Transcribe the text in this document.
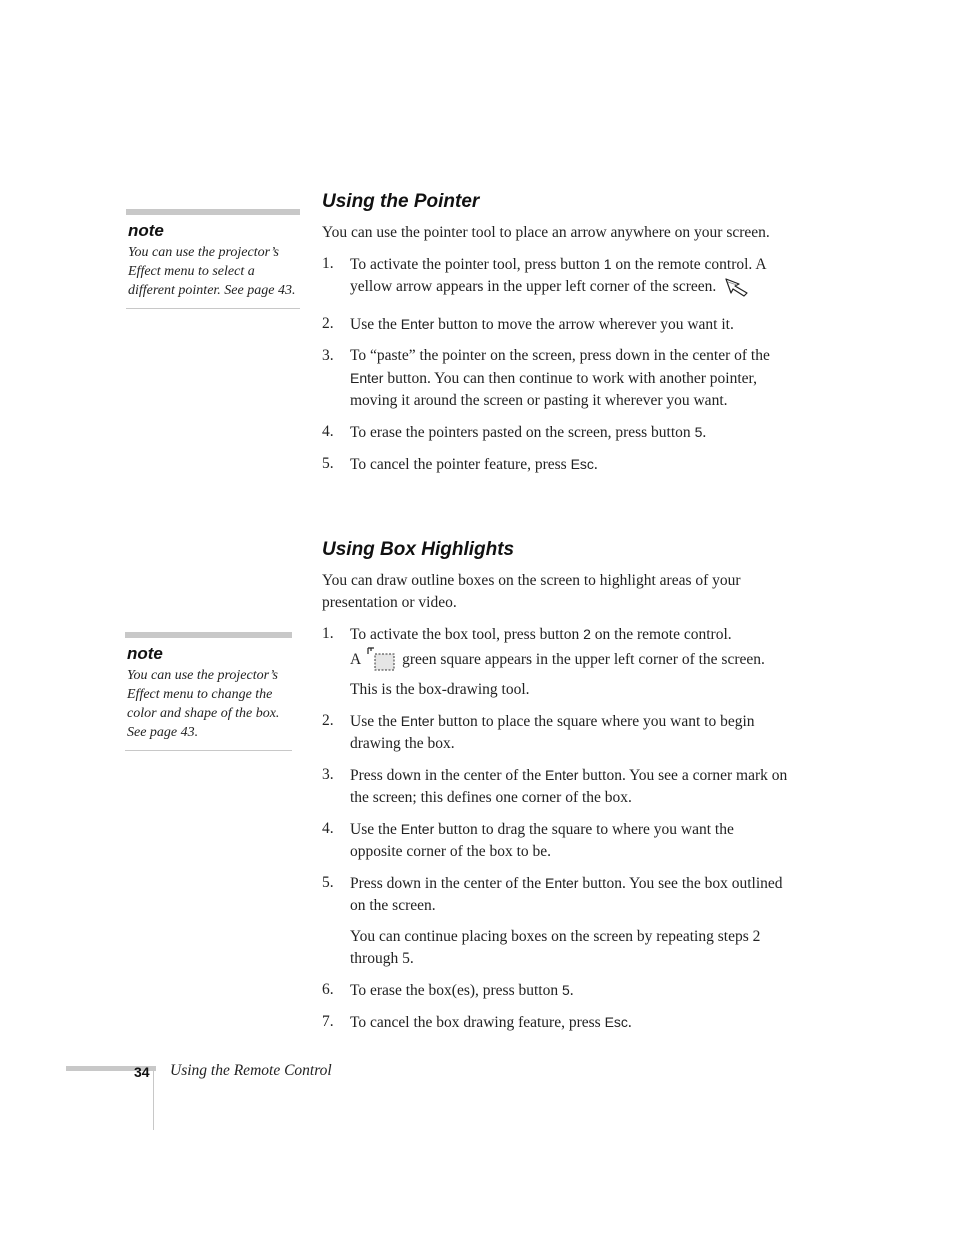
note

You can use the projector’s
Effect menu to select a
different pointer. See page 43.

note

You can use the projector’s
Effect menu to change the
color and shape of the box.
See page 43.

Using the Pointer

You can use the pointer tool to place an arrow anywhere on your screen.

1. To activate the pointer tool, press button 1 on the remote control. A yellow arrow appears in the upper left corner of the screen.
2. Use the Enter button to move the arrow wherever you want it.
3. To “paste” the pointer on the screen, press down in the center of the Enter button. You can then continue to work with another pointer, moving it around the screen or pasting it wherever you want.
4. To erase the pointers pasted on the screen, press button 5.
5. To cancel the pointer feature, press Esc.
Using Box Highlights

You can draw outline boxes on the screen to highlight areas of your presentation or video.

1. To activate the box tool, press button 2 on the remote control.
A  green square appears in the upper left corner of the screen. This is the box-drawing tool.
2. Use the Enter button to place the square where you want to begin drawing the box.
3. Press down in the center of the Enter button. You see a corner mark on the screen; this defines one corner of the box.
4. Use the Enter button to drag the square to where you want the opposite corner of the box to be.
5. Press down in the center of the Enter button. You see the box outlined on the screen.

You can continue placing boxes on the screen by repeating steps 2 through 5.

6. To erase the box(es), press button 5.
7. To cancel the box drawing feature, press Esc.
34 Using the Remote Control
